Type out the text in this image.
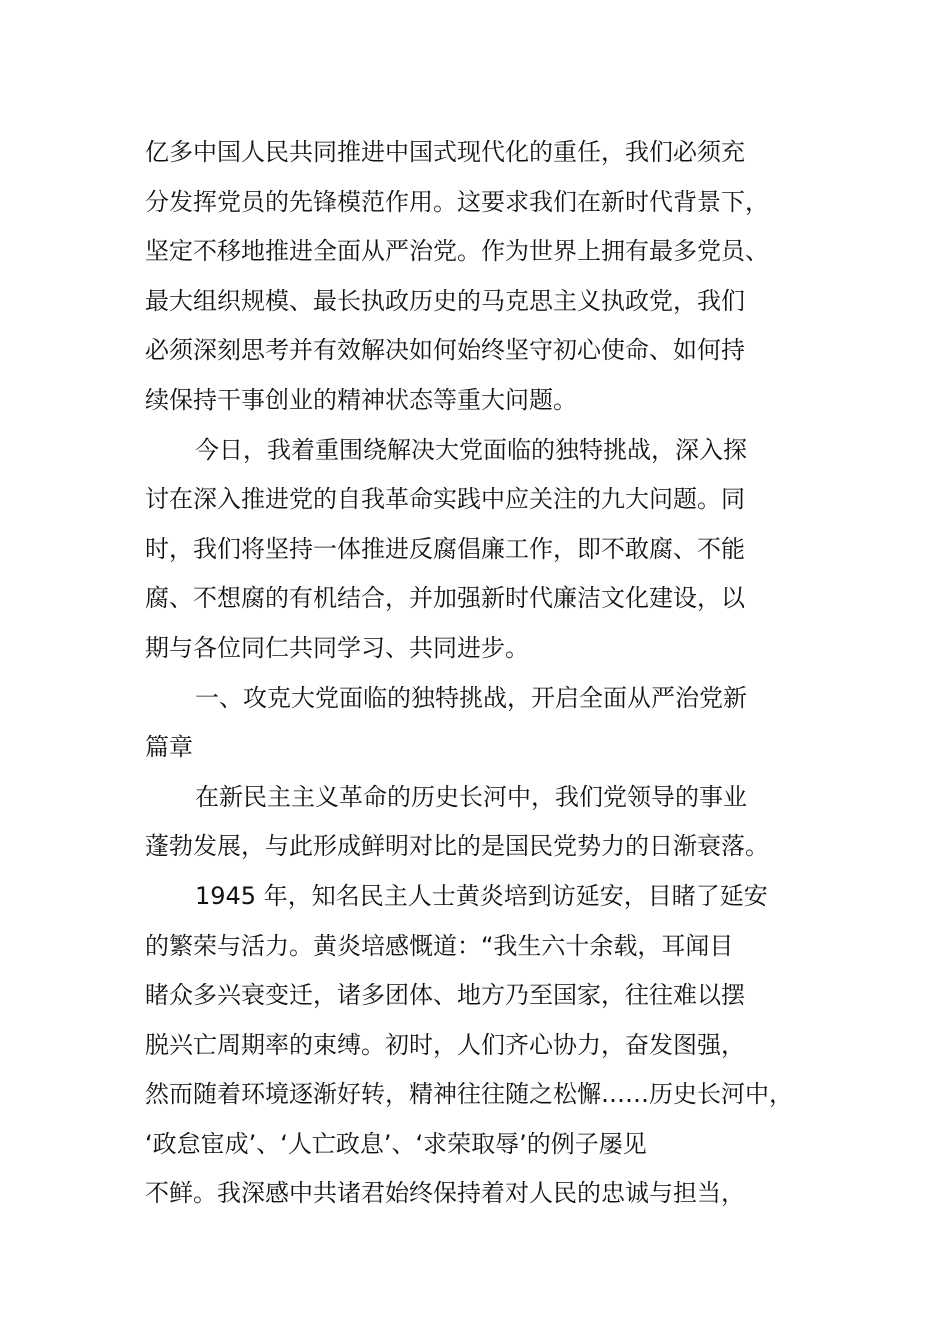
亿多中国人民共同推进中国式现代化的重任，我们必须充
分发挥党员的先锋模范作用。这要求我们在新时代背景下，
坚定不移地推进全面从严治党。作为世界上拥有最多党员、
最大组织规模、最长执政历史的马克思主义执政党，我们
必须深刻思考并有效解决如何始终坚守初心使命、如何持
续保持干事创业的精神状态等重大问题。
今日，我着重围绕解决大党面临的独特挑战，深入探
讨在深入推进党的自我革命实践中应关注的九大问题。同
时，我们将坚持一体推进反腐倡廉工作，即不敢腐、不能
腐、不想腐的有机结合，并加强新时代廉洁文化建设，以
期与各位同仁共同学习、共同进步。
一、攻克大党面临的独特挑战，开启全面从严治党新
篇章
在新民主主义革命的历史长河中，我们党领导的事业
蓬勃发展，与此形成鲜明对比的是国民党势力的日渐衰落。
1945 年，知名民主人士黄炎培到访延安，目睹了延安
的繁荣与活力。黄炎培感慨道：“我生六十余载，耳闻目
睹众多兴衰变迁，诸多团体、地方乃至国家，往往难以摆
脱兴亡周期率的束缚。初时，人们齐心协力，奋发图强，
然而随着环境逐渐好转，精神往往随之松懈……历史长河中，
‘政怠宦成’、‘人亡政息’、‘求荣取辱’的例子屡见
不鲜。我深感中共诸君始终保持着对人民的忠诚与担当，
